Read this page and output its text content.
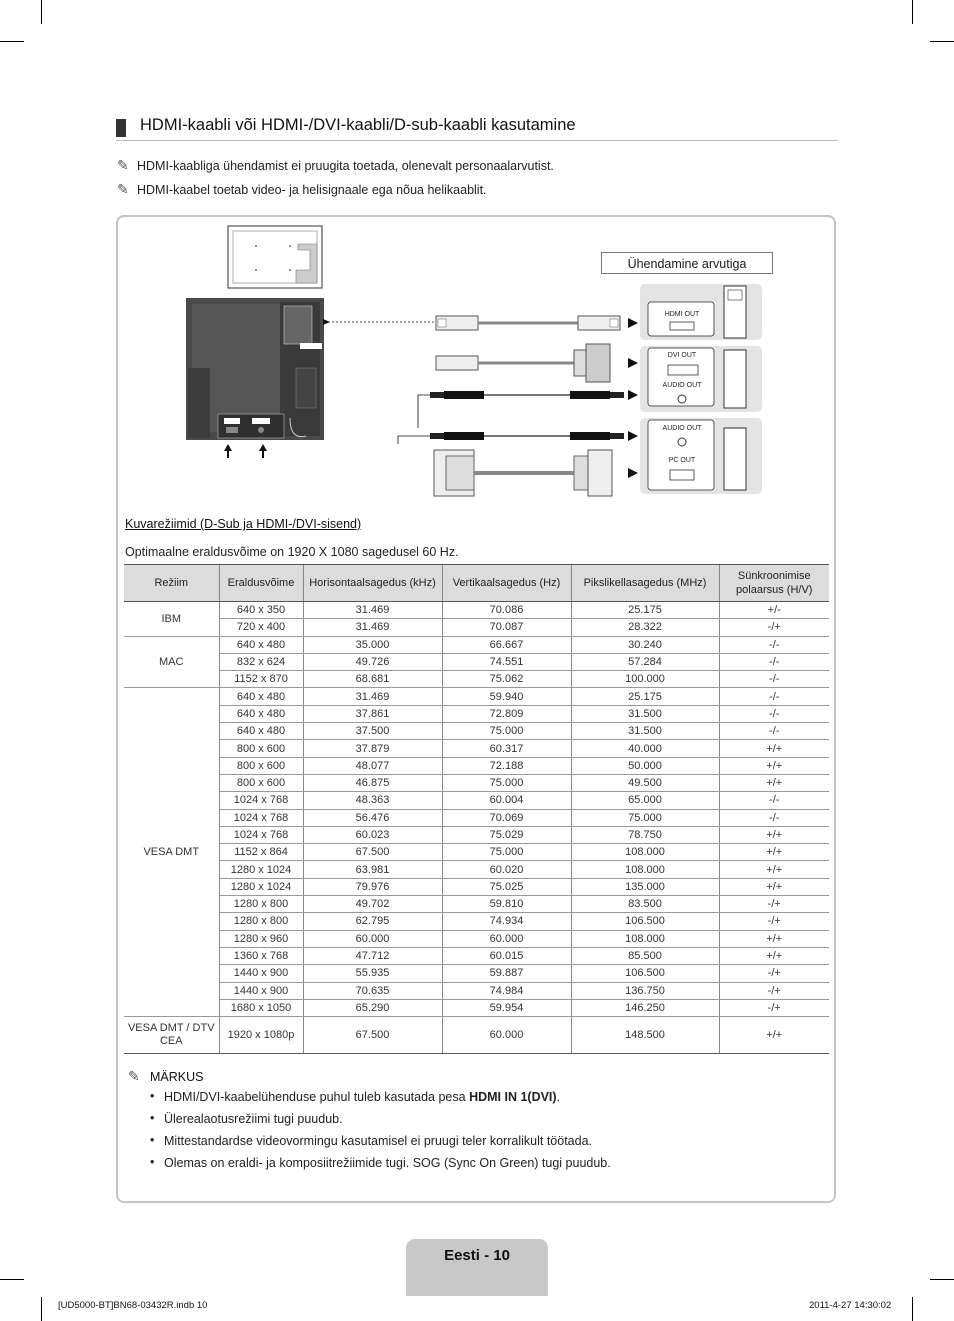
HDMI-kaabli või HDMI-/DVI-kaabli/D-sub-kaabli kasutamine
✎ HDMI-kaabliga ühendamist ei pruugita toetada, olenevalt personaalarvutist.
✎ HDMI-kaabel toetab video- ja helisignaale ega nõua helikaablit.
HDMI OUT
DVI OUT
AUDIO OUT
AUDIO OUT
PC OUT
Ühendamine arvutiga
Kuvarežiimid (D-Sub ja HDMI-/DVI-sisend)
Optimaalne eraldusvõime on 1920 X 1080 sagedusel 60 Hz.
Režiim	Eraldusvõime	Horisontaalsagedus (kHz)	Vertikaalsagedus (Hz)	Pikslikellasagedus (MHz)	Sünkroonimise polaarsus (H/V)
IBM	640 x 350	31.469	70.086	25.175	+/-
	720 x 400	31.469	70.087	28.322	-/+
MAC	640 x 480	35.000	66.667	30.240	-/-
	832 x 624	49.726	74.551	57.284	-/-
	1152 x 870	68.681	75.062	100.000	-/-
VESA DMT	640 x 480	31.469	59.940	25.175	-/-
	640 x 480	37.861	72.809	31.500	-/-
	640 x 480	37.500	75.000	31.500	-/-
	800 x 600	37.879	60.317	40.000	+/+
	800 x 600	48.077	72.188	50.000	+/+
	800 x 600	46.875	75.000	49.500	+/+
	1024 x 768	48.363	60.004	65.000	-/-
	1024 x 768	56.476	70.069	75.000	-/-
	1024 x 768	60.023	75.029	78.750	+/+
	1152 x 864	67.500	75.000	108.000	+/+
	1280 x 1024	63.981	60.020	108.000	+/+
	1280 x 1024	79.976	75.025	135.000	+/+
	1280 x 800	49.702	59.810	83.500	-/+
	1280 x 800	62.795	74.934	106.500	-/+
	1280 x 960	60.000	60.000	108.000	+/+
	1360 x 768	47.712	60.015	85.500	+/+
	1440 x 900	55.935	59.887	106.500	-/+
	1440 x 900	70.635	74.984	136.750	-/+
	1680 x 1050	65.290	59.954	146.250	-/+
VESA DMT / DTV CEA	1920 x 1080p	67.500	60.000	148.500	+/+
✎ MÄRKUS
• HDMI/DVI-kaabelühenduse puhul tuleb kasutada pesa HDMI IN 1(DVI).
• Ülerealaotusrežiimi tugi puudub.
• Mittestandardse videovormingu kasutamisel ei pruugi teler korralikult töötada.
• Olemas on eraldi- ja komposiitrežiimide tugi. SOG (Sync On Green) tugi puudub.
Eesti - 10
[UD5000-BT]BN68-03432R.indb 10	2011-4-27 14:30:02
